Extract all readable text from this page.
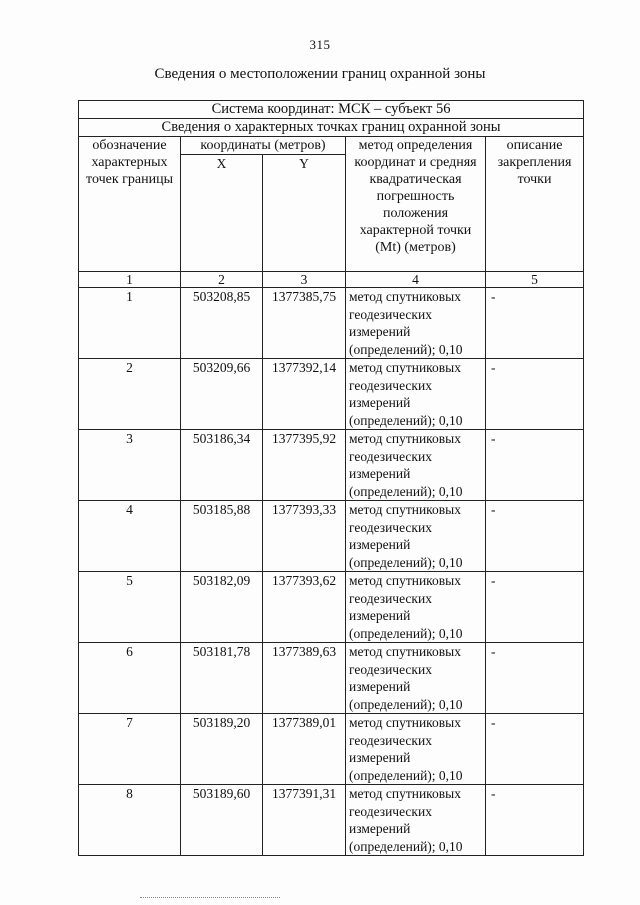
315
Сведения о местоположении границ охранной зоны
Система координат: МСК – субъект 56				
Сведения о характерных точках границ охранной зоны				
обозначение характерных точек границы	координаты (метров)		метод определения координат и средняя квадратическая погрешность положения характерной точки (Mt) (метров)	описание закрепления точки
	X	Y		
1	2	3	4	5
1	503208,85	1377385,75	метод спутниковых геодезических измерений (определений); 0,10	-
2	503209,66	1377392,14	метод спутниковых геодезических измерений (определений); 0,10	-
3	503186,34	1377395,92	метод спутниковых геодезических измерений (определений); 0,10	-
4	503185,88	1377393,33	метод спутниковых геодезических измерений (определений); 0,10	-
5	503182,09	1377393,62	метод спутниковых геодезических измерений (определений); 0,10	-
6	503181,78	1377389,63	метод спутниковых геодезических измерений (определений); 0,10	-
7	503189,20	1377389,01	метод спутниковых геодезических измерений (определений); 0,10	-
8	503189,60	1377391,31	метод спутниковых геодезических измерений (определений); 0,10	-
